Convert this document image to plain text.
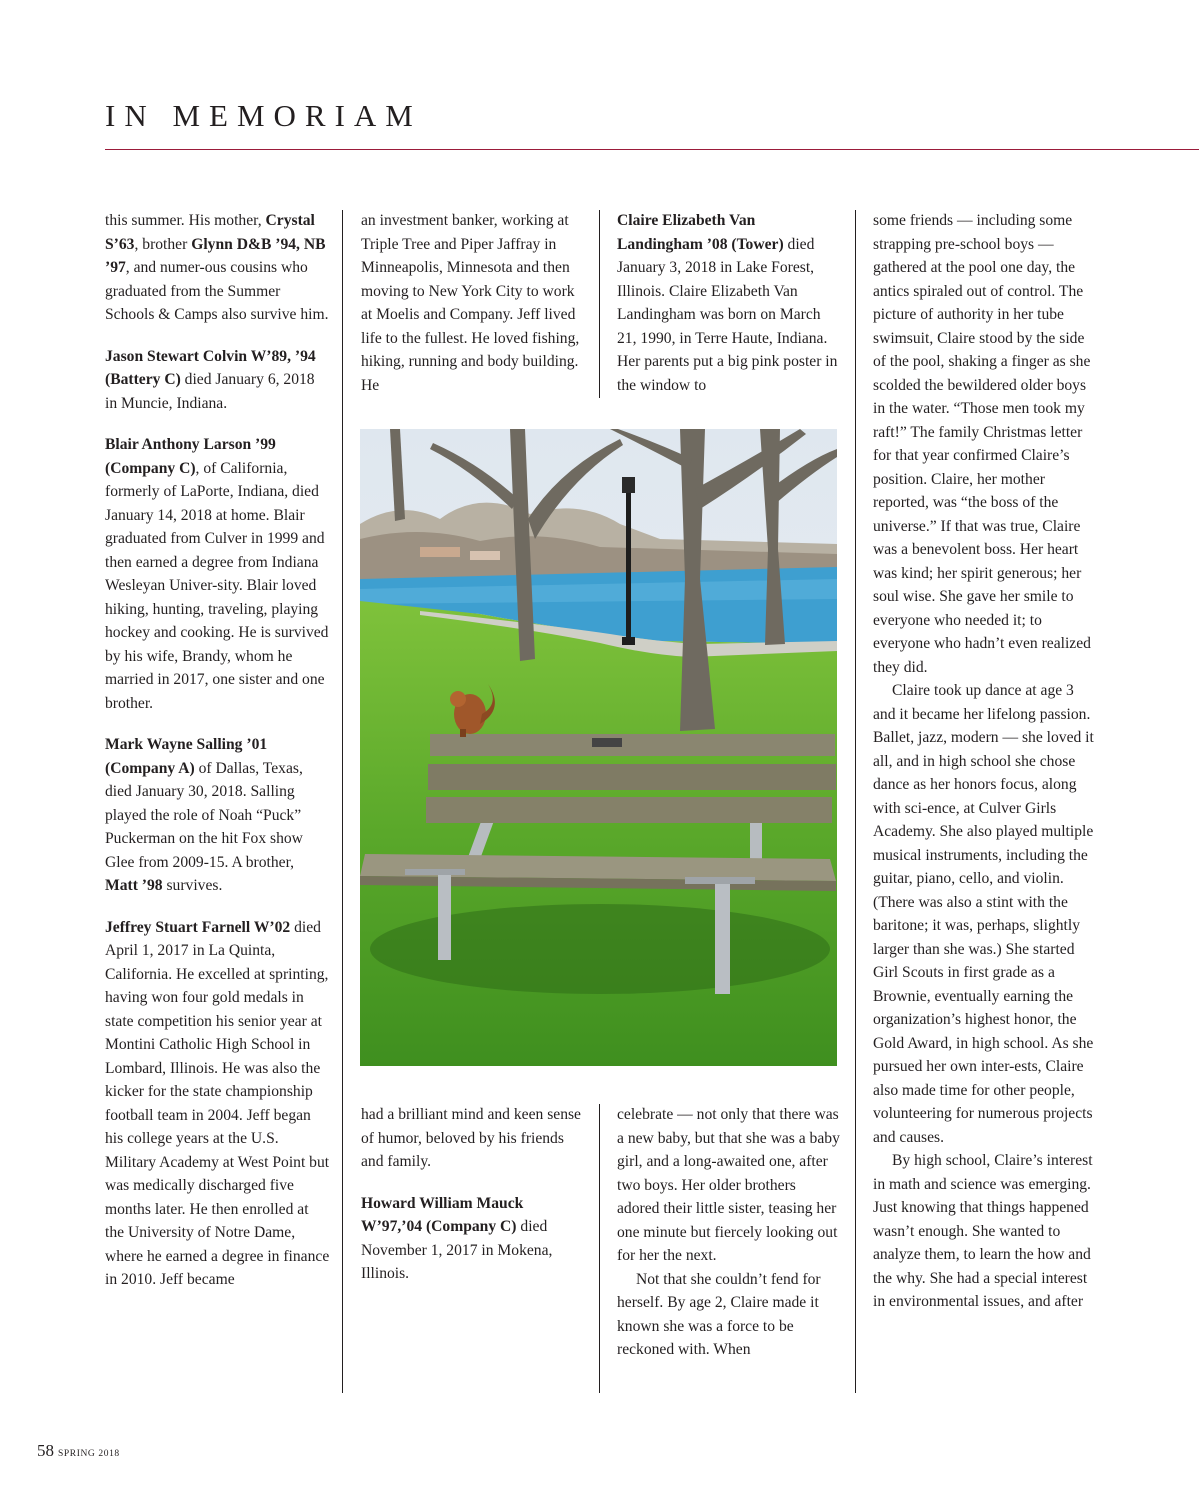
IN MEMORIAM

this summer. His mother, Crystal S’63, brother Glynn D&B ’94, NB ’97, and numer-ous cousins who graduated from the Summer Schools & Camps also survive him.

Jason Stewart Colvin W’89, ’94 (Battery C) died January 6, 2018 in Muncie, Indiana.

Blair Anthony Larson ’99 (Company C), of California, formerly of LaPorte, Indiana, died January 14, 2018 at home. Blair graduated from Culver in 1999 and then earned a degree from Indiana Wesleyan Univer-sity. Blair loved hiking, hunting, traveling, playing hockey and cooking. He is survived by his wife, Brandy, whom he married in 2017, one sister and one brother.

Mark Wayne Salling ’01 (Company A) of Dallas, Texas, died January 30, 2018. Salling played the role of Noah “Puck” Puckerman on the hit Fox show Glee from 2009-15. A brother, Matt ’98 survives.

Jeffrey Stuart Farnell W’02 died April 1, 2017 in La Quinta, California. He excelled at sprinting, having won four gold medals in state competition his senior year at Montini Catholic High School in Lombard, Illinois. He was also the kicker for the state championship football team in 2004. Jeff began his college years at the U.S. Military Academy at West Point but was medically discharged five months later. He then enrolled at the University of Notre Dame, where he earned a degree in finance in 2010. Jeff became

an investment banker, working at Triple Tree and Piper Jaffray in Minneapolis, Minnesota and then moving to New York City to work at Moelis and Company. Jeff lived life to the fullest. He loved fishing, hiking, running and body building. He

Claire Elizabeth Van Landingham ’08 (Tower) died January 3, 2018 in Lake Forest, Illinois. Claire Elizabeth Van Landingham was born on March 21, 1990, in Terre Haute, Indiana. Her parents put a big pink poster in the window to

had a brilliant mind and keen sense of humor, beloved by his friends and family.

Howard William Mauck W’97,’04 (Company C) died November 1, 2017 in Mokena, Illinois.

celebrate — not only that there was a new baby, but that she was a baby girl, and a long-awaited one, after two boys. Her older brothers adored their little sister, teasing her one minute but fiercely looking out for her the next.

Not that she couldn’t fend for herself. By age 2, Claire made it known she was a force to be reckoned with. When

some friends — including some strapping pre-school boys — gathered at the pool one day, the antics spiraled out of control. The picture of authority in her tube swimsuit, Claire stood by the side of the pool, shaking a finger as she scolded the bewildered older boys in the water. “Those men took my raft!” The family Christmas letter for that year confirmed Claire’s position. Claire, her mother reported, was “the boss of the universe.” If that was true, Claire was a benevolent boss. Her heart was kind; her spirit generous; her soul wise. She gave her smile to everyone who needed it; to everyone who hadn’t even realized they did.

Claire took up dance at age 3 and it became her lifelong passion. Ballet, jazz, modern — she loved it all, and in high school she chose dance as her honors focus, along with sci-ence, at Culver Girls Academy. She also played multiple musical instruments, including the guitar, piano, cello, and violin. (There was also a stint with the baritone; it was, perhaps, slightly larger than she was.) She started Girl Scouts in first grade as a Brownie, eventually earning the organization’s highest honor, the Gold Award, in high school. As she pursued her own inter-ests, Claire also made time for other people, volunteering for numerous projects and causes.

By high school, Claire’s interest in math and science was emerging. Just knowing that things happened wasn’t enough. She wanted to analyze them, to learn the how and the why. She had a special interest in environmental issues, and after

58 SPRING 2018
